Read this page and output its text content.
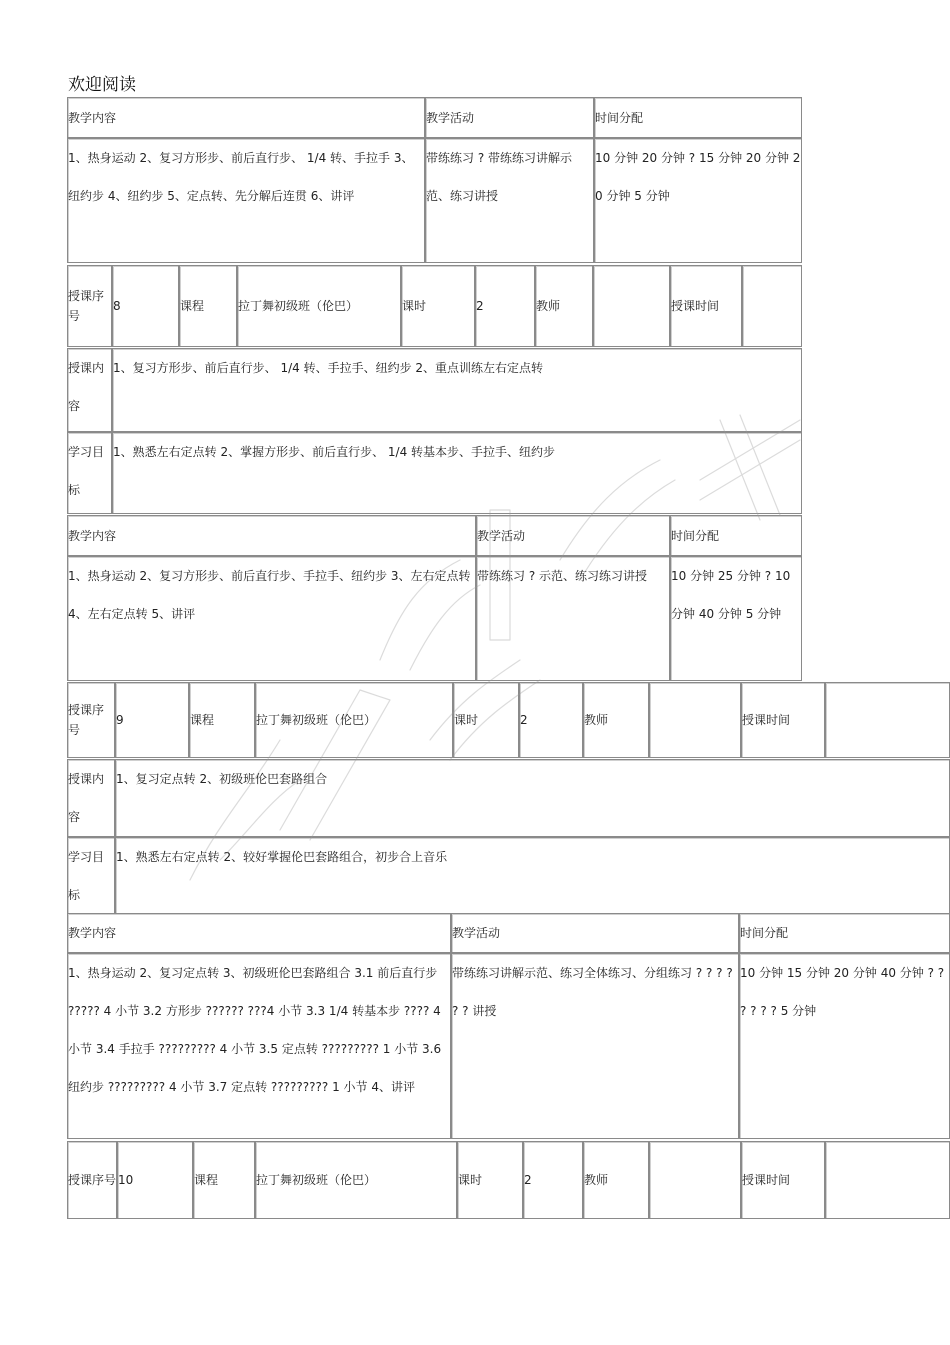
欢迎阅读
教学内容	教学活动	时间分配
1、热身运动 2、复习方形步、前后直行步、 1/4 转、手拉手 3、纽约步 4、纽约步 5、定点转、先分解后连贯 6、讲评	带练练习 ? 带练练习讲解示范、练习讲授	10 分钟 20 分钟 ? 15 分钟 20 分钟 20 分钟 5 分钟
授课序号	8	课程	拉丁舞初级班（伦巴）	课时	2	教师		授课时间	
授课内容	1、复习方形步、前后直行步、 1/4 转、手拉手、纽约步 2、重点训练左右定点转
学习目标	1、熟悉左右定点转 2、掌握方形步、前后直行步、 1/4 转基本步、手拉手、纽约步
教学内容	教学活动	时间分配
1、热身运动 2、复习方形步、前后直行步、手拉手、纽约步 3、左右定点转 4、左右定点转 5、讲评	带练练习 ? 示范、练习练习讲授	10 分钟 25 分钟 ? 10 分钟 40 分钟 5 分钟
授课序号	9	课程	拉丁舞初级班（伦巴）	课时	2	教师		授课时间	
授课内容	1、复习定点转 2、初级班伦巴套路组合
学习目标	1、熟悉左右定点转 2、较好掌握伦巴套路组合，初步合上音乐
教学内容	教学活动	时间分配
1、热身运动 2、复习定点转 3、初级班伦巴套路组合 3.1 前后直行步 ????? 4 小节 3.2 方形步 ?????? ???4 小节 3.3 1/4 转基本步 ???? 4 小节 3.4 手拉手 ????????? 4 小节 3.5 定点转 ????????? 1 小节 3.6 纽约步 ????????? 4 小节 3.7 定点转 ????????? 1 小节 4、讲评	带练练习讲解示范、练习全体练习、分组练习 ? ? ? ? ? ? 讲授	10 分钟 15 分钟 20 分钟 40 分钟 ? ? ? ? ? ? 5 分钟
授课序号	10	课程	拉丁舞初级班（伦巴）	课时	2	教师		授课时间	
